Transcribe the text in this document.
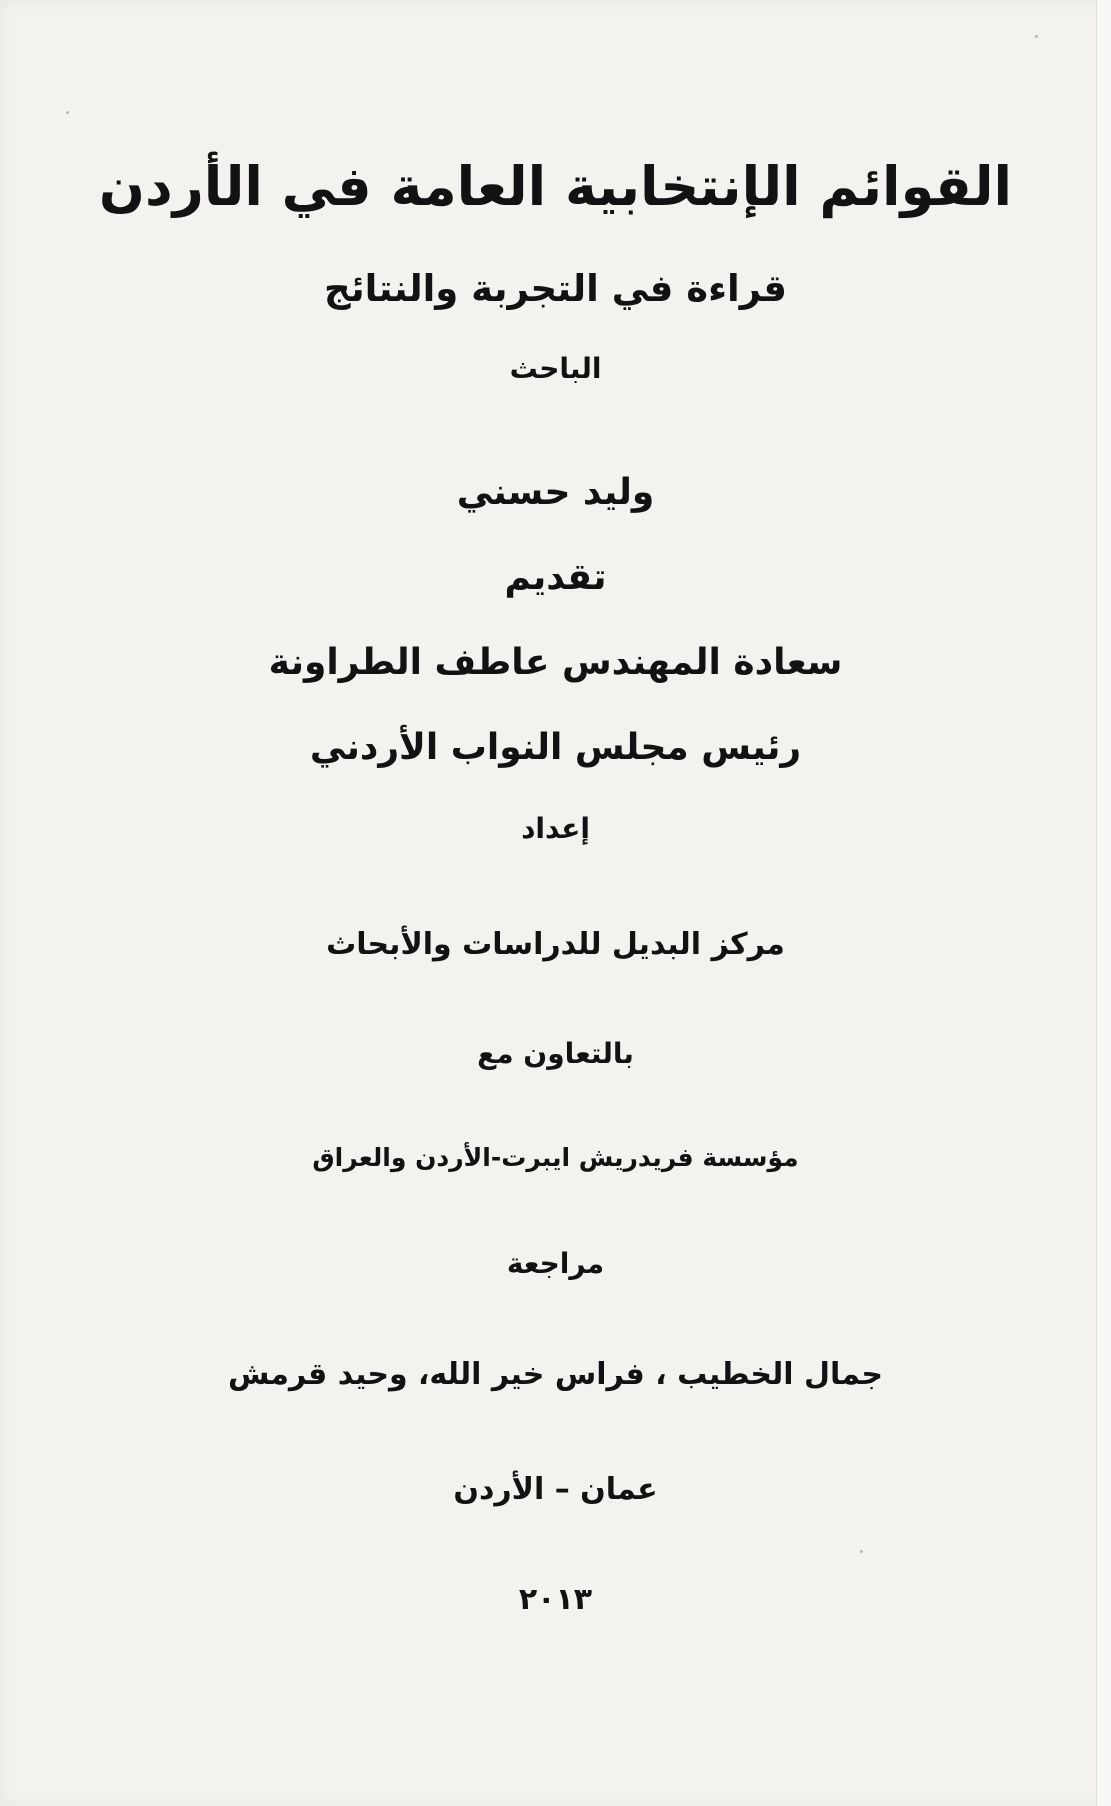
القوائم الإنتخابية العامة في الأردن
قراءة في التجربة والنتائج
الباحث
وليد حسني
تقديم
سعادة المهندس عاطف الطراونة
رئيس مجلس النواب الأردني
إعداد
مركز البديل للدراسات والأبحاث
بالتعاون مع
مؤسسة فريدريش ايبرت-الأردن والعراق
مراجعة
جمال الخطيب ، فراس خير الله، وحيد قرمش
عمان – الأردن
٢٠١٣
